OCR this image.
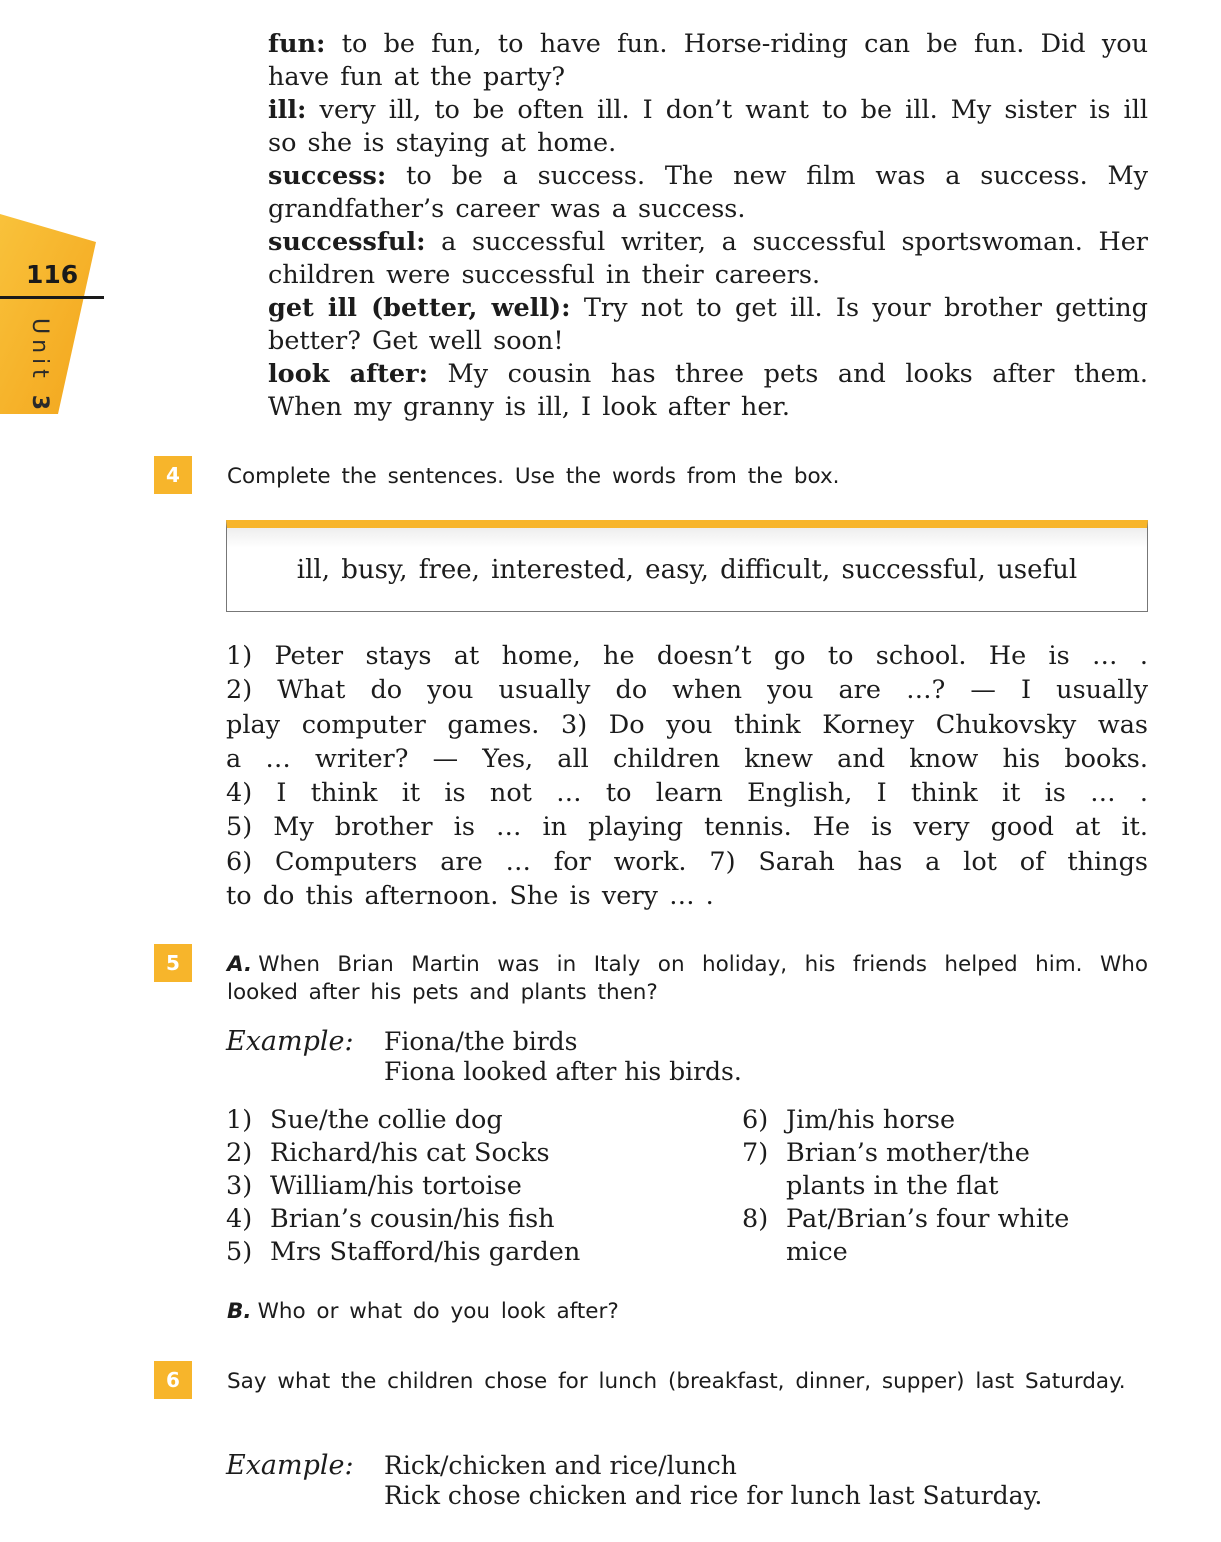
116
Unit 3

fun: to be fun, to have fun. Horse-riding can be fun. Did you have fun at the party?

ill: very ill, to be often ill. I don’t want to be ill. My sister is ill so she is staying at home.

success: to be a success. The new film was a success. My grandfather’s career was a success.

successful: a successful writer, a successful sportswoman. Her children were successful in their careers.

get ill (better, well): Try not to get ill. Is your brother getting better? Get well soon!

look after: My cousin has three pets and looks after them. When my granny is ill, I look after her.

4	Complete the sentences. Use the words from the box.
ill, busy, free, interested, easy, difficult, successful, useful
1) Peter stays at home, he doesn’t go to school. He is … .
2) What do you usually do when you are …? — I usually
play computer games. 3) Do you think Korney Chukovsky was
a … writer? — Yes, all children knew and know his books.
4) I think it is not … to learn English, I think it is … .
5) My brother is … in playing tennis. He is very good at it.
6) Computers are … for work. 7) Sarah has a lot of things
to do this afternoon. She is very … .
5	A. When Brian Martin was in Italy on holiday, his friends helped him. Who looked after his pets and plants then?
Example: Fiona/the birds
Fiona looked after his birds.
1) Sue/the collie dog
2) Richard/his cat Socks
3) William/his tortoise
4) Brian’s cousin/his fish
5) Mrs Stafford/his garden
6) Jim/his horse
7) Brian’s mother/the
plants in the flat
8) Pat/Brian’s four white
mice
B. Who or what do you look after?
6	Say what the children chose for lunch (breakfast, dinner, supper) last Saturday.
Example: Rick/chicken and rice/lunch
Rick chose chicken and rice for lunch last Saturday.
